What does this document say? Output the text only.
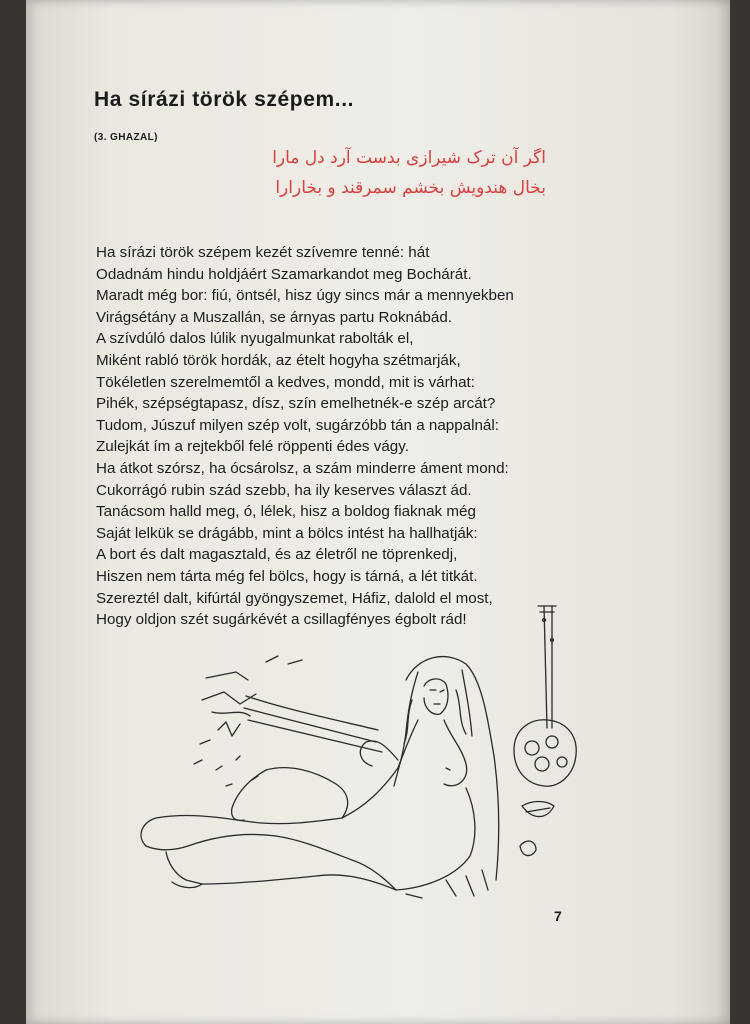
Ha sírázi török szépem...
(3. GHAZAL)
اگر آن ترک شیرازی بدست آرد دل مارا
بخال هندویش بخشم سمرقند و بخارارا
Ha sírázi török szépem kezét szívemre tenné: hát
Odadnám hindu holdjáért Szamarkandot meg Bochárát.
Maradt még bor: fiú, öntsél, hisz úgy sincs már a mennyekben
Virágsétány a Muszallán, se árnyas partu Roknábád.
A szívdúló dalos lúlik nyugalmunkat rabolták el,
Miként rabló török hordák, az ételt hogyha szétmarják,
Tökéletlen szerelmemtől a kedves, mondd, mit is várhat:
Pihék, szépségtapasz, dísz, szín emelhetnék-e szép arcát?
Tudom, Júszuf milyen szép volt, sugárzóbb tán a nappalnál:
Zulejkát ím a rejtekből felé röppenti édes vágy.
Ha átkot szórsz, ha ócsárolsz, a szám minderre áment mond:
Cukorrágó rubin szád szebb, ha ily keserves választ ád.
Tanácsom halld meg, ó, lélek, hisz a boldog fiaknak még
Saját lelkük se drágább, mint a bölcs intést ha hallhatják:
A bort és dalt magasztald, és az életről ne töprenkedj,
Hiszen nem tárta még fel bölcs, hogy is tárná, a lét titkát.
Szereztél dalt, kifúrtál gyöngyszemet, Háfiz, dalold el most,
Hogy oldjon szét sugárkévét a csillagfényes égbolt rád!
7
